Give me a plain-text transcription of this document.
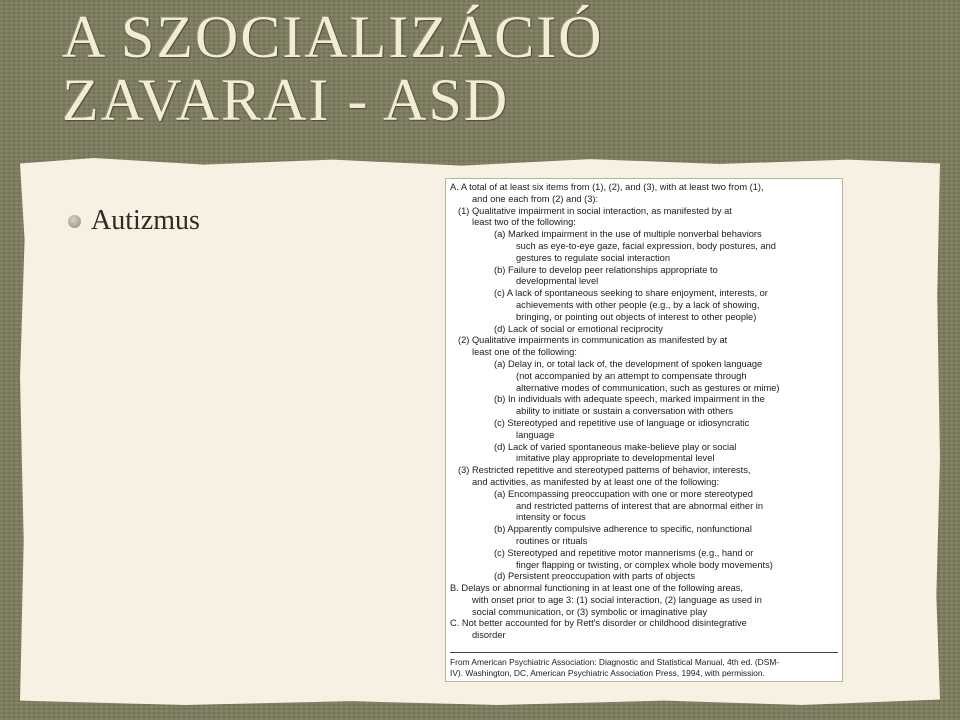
A SZOCIALIZÁCIÓ
ZAVARAI - ASD
Autizmus

A. A total of at least six items from (1), (2), and (3), with at least two from (1),

and one each from (2) and (3):

(1) Qualitative impairment in social interaction, as manifested by at

least two of the following:

(a) Marked impairment in the use of multiple nonverbal behaviors

such as eye-to-eye gaze, facial expression, body postures, and

gestures to regulate social interaction

(b) Failure to develop peer relationships appropriate to

developmental level

(c) A lack of spontaneous seeking to share enjoyment, interests, or

achievements with other people (e.g., by a lack of showing,

bringing, or pointing out objects of interest to other people)

(d) Lack of social or emotional reciprocity

(2) Qualitative impairments in communication as manifested by at

least one of the following:

(a) Delay in, or total lack of, the development of spoken language

(not accompanied by an attempt to compensate through

alternative modes of communication, such as gestures or mime)

(b) In individuals with adequate speech, marked impairment in the

ability to initiate or sustain a conversation with others

(c) Stereotyped and repetitive use of language or idiosyncratic

language

(d) Lack of varied spontaneous make-believe play or social

imitative play appropriate to developmental level

(3) Restricted repetitive and stereotyped patterns of behavior, interests,

and activities, as manifested by at least one of the following:

(a) Encompassing preoccupation with one or more stereotyped

and restricted patterns of interest that are abnormal either in

intensity or focus

(b) Apparently compulsive adherence to specific, nonfunctional

routines or rituals

(c) Stereotyped and repetitive motor mannerisms (e.g., hand or

finger flapping or twisting, or complex whole body movements)

(d) Persistent preoccupation with parts of objects

B. Delays or abnormal functioning in at least one of the following areas,

with onset prior to age 3: (1) social interaction, (2) language as used in

social communication, or (3) symbolic or imaginative play

C. Not better accounted for by Rett's disorder or childhood disintegrative

disorder

From American Psychiatric Association: Diagnostic and Statistical Manual, 4th ed. (DSM-

IV). Washington, DC, American Psychiatric Association Press, 1994, with permission.
